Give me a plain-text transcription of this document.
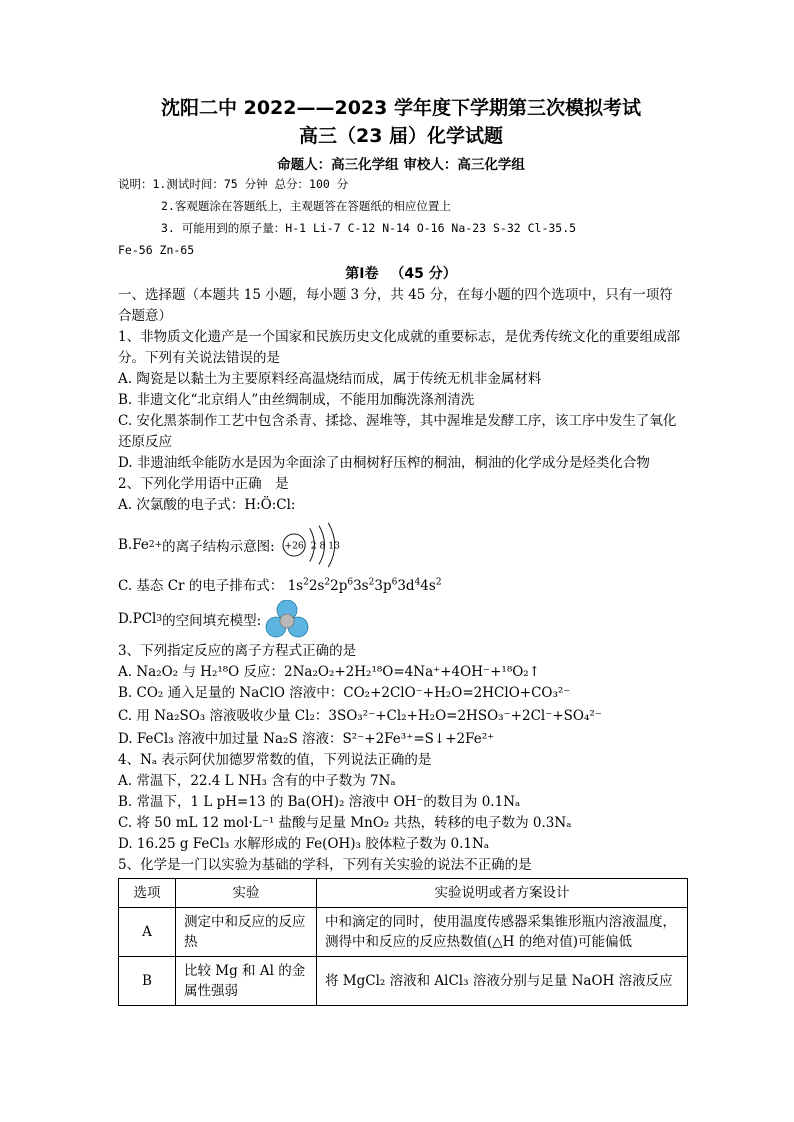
沈阳二中 2022——2023 学年度下学期第三次模拟考试
高三（23 届）化学试题
命题人：高三化学组 审校人：高三化学组
说明：1.测试时间：75 分钟 总分：100 分
2.客观题涂在答题纸上，主观题答在答题纸的相应位置上
3. 可能用到的原子量：H-1 Li-7 C-12 N-14 O-16 Na-23 S-32 Cl-35.5
Fe-56 Zn-65
第Ⅰ卷 　（45 分）

一、选择题（本题共 15 小题，每小题 3 分，共 45 分，在每小题的四个选项中，只有一项符合题意）

1、非物质文化遗产是一个国家和民族历史文化成就的重要标志，是优秀传统文化的重要组成部分。下列有关说法错误的是

A. 陶瓷是以黏土为主要原料经高温烧结而成，属于传统无机非金属材料

B. 非遗文化“北京绢人”由丝绸制成，不能用加酶洗涤剂清洗

C. 安化黑茶制作工艺中包含杀青、揉捻、渥堆等，其中渥堆是发酵工序，该工序中发生了氧化还原反应

D. 非遗油纸伞能防水是因为伞面涂了由桐树籽压榨的桐油，桐油的化学成分是烃类化合物

2、下列化学用语中正确　是

A. 次氯酸的电子式：H:Ö:Cl:

B. Fe 2+ 的离子结构示意图: +26 2 8 13

C. 基态 Cr 的电子排布式： $1s^22s^22p^63s^23p^63d^44s^2$

D. PCl 3 的空间填充模型:

3、下列指定反应的离子方程式正确的是

A. Na₂O₂ 与 H₂¹⁸O 反应：2Na₂O₂+2H₂¹⁸O=4Na⁺+4OH⁻+¹⁸O₂↑

B. CO₂ 通入足量的 NaClO 溶液中：CO₂+2ClO⁻+H₂O=2HClO+CO₃²⁻

C. 用 Na₂SO₃ 溶液吸收少量 Cl₂：3SO₃²⁻+Cl₂+H₂O=2HSO₃⁻+2Cl⁻+SO₄²⁻

D. FeCl₃ 溶液中加过量 Na₂S 溶液：S²⁻+2Fe³⁺=S↓+2Fe²⁺

4、Nₐ 表示阿伏加德罗常数的值，下列说法正确的是

A. 常温下，22.4 L NH₃ 含有的中子数为 7Nₐ

B. 常温下，1 L pH=13 的 Ba(OH)₂ 溶液中 OH⁻的数目为 0.1Nₐ

C. 将 50 mL 12 mol·L⁻¹ 盐酸与足量 MnO₂ 共热，转移的电子数为 0.3Nₐ

D. 16.25 g FeCl₃ 水解形成的 Fe(OH)₃ 胶体粒子数为 0.1Nₐ

5、化学是一门以实验为基础的学科，下列有关实验的说法不正确的是

选项	实验	实验说明或者方案设计
A	测定中和反应的反应热	中和滴定的同时，使用温度传感器采集锥形瓶内溶液温度，测得中和反应的反应热数值(△H 的绝对值)可能偏低
B	比较 Mg 和 Al 的金属性强弱	将 MgCl₂ 溶液和 AlCl₃ 溶液分别与足量 NaOH 溶液反应
